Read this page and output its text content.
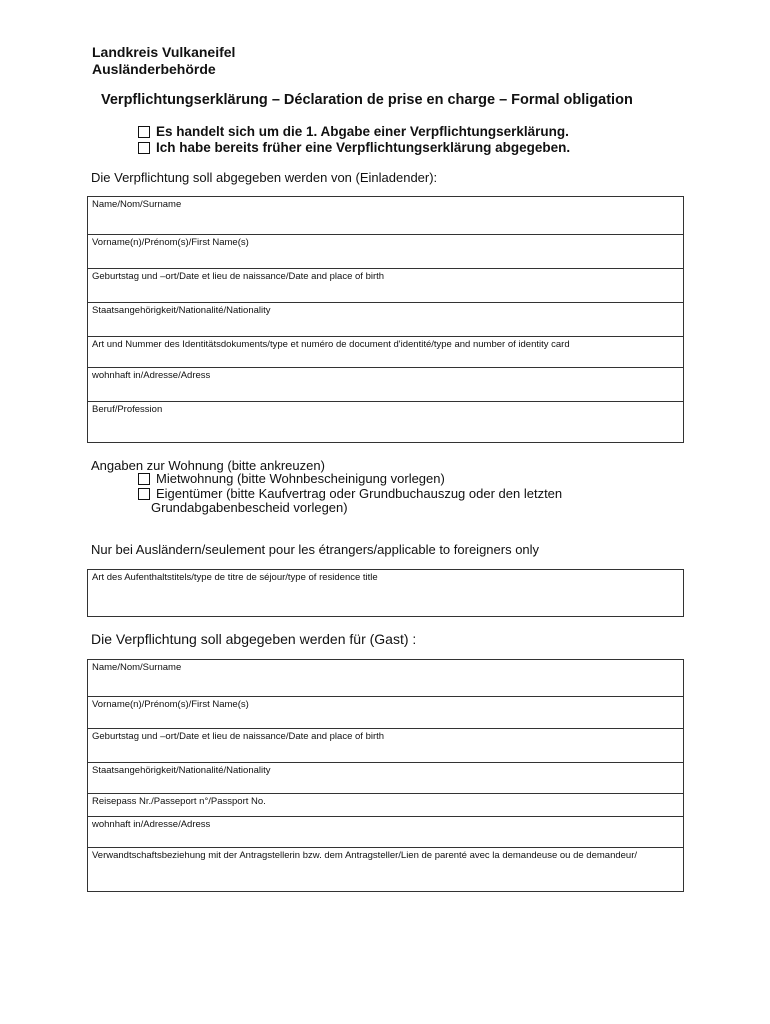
Landkreis Vulkaneifel
Ausländerbehörde
Verpflichtungserklärung – Déclaration de prise en charge – Formal obligation
Es handelt sich um die 1. Abgabe einer Verpflichtungserklärung.
Ich habe bereits früher eine Verpflichtungserklärung abgegeben.
Die Verpflichtung soll abgegeben werden von (Einladender):
Name/Nom/Surname
Vorname(n)/Prénom(s)/First Name(s)
Geburtstag und –ort/Date et lieu de naissance/Date and place of birth
Staatsangehörigkeit/Nationalité/Nationality
Art und Nummer des Identitätsdokuments/type et numéro de document d'identité/type and number of identity card
wohnhaft in/Adresse/Adress
Beruf/Profession
Angaben zur Wohnung (bitte ankreuzen)
Mietwohnung (bitte Wohnbescheinigung vorlegen)
Eigentümer (bitte Kaufvertrag oder Grundbuchauszug oder den letzten
Grundabgabenbescheid vorlegen)
Nur bei Ausländern/seulement pour les étrangers/applicable to foreigners only
Art des Aufenthaltstitels/type de titre de séjour/type of residence title
Die Verpflichtung soll abgegeben werden für (Gast) :
Name/Nom/Surname
Vorname(n)/Prénom(s)/First Name(s)
Geburtstag und –ort/Date et lieu de naissance/Date and place of birth
Staatsangehörigkeit/Nationalité/Nationality
Reisepass Nr./Passeport n°/Passport No.
wohnhaft in/Adresse/Adress
Verwandtschaftsbeziehung mit der Antragstellerin bzw. dem Antragsteller/Lien de parenté avec la demandeuse ou de demandeur/
